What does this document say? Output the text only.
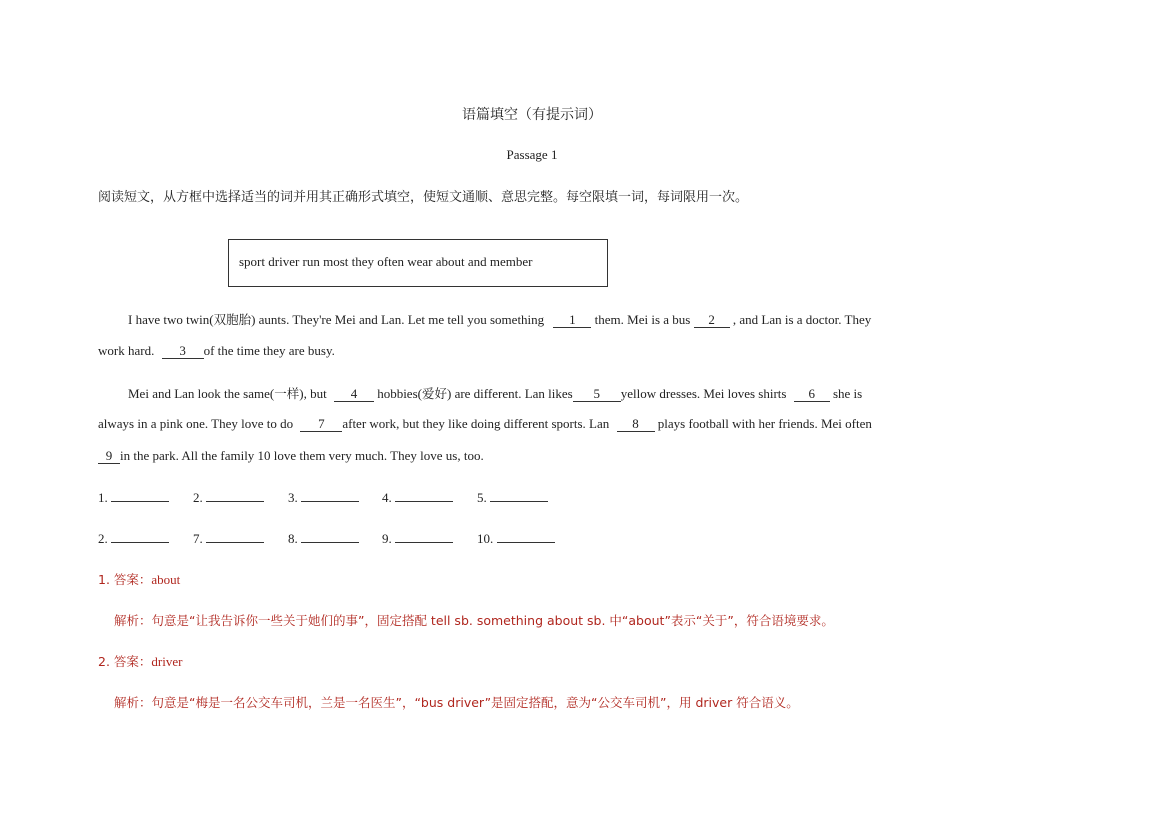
语篇填空（有提示词）
Passage 1
阅读短文，从方框中选择适当的词并用其正确形式填空，使短文通顺、意思完整。每空限填一词，每词限用一次。
sport driver run most they often wear about and member
I have two twin(双胞胎) aunts. They're Mei and Lan. Let me tell you something 1 them. Mei is a bus 2 , and Lan is a doctor. They
work hard. 3 of the time they are busy.
Mei and Lan look the same(一样), but 4 hobbies(爱好) are different. Lan likes 5 yellow dresses. Mei loves shirts 6 she is
always in a pink one. They love to do 7 after work, but they like doing different sports. Lan 8 plays football with her friends. Mei often
9 in the park. All the family 10 love them very much. They love us, too.
1.	2.	3.	4.	5.
2.	7.	8.	9.	10.
1. 答案：about
解析：句意是“让我告诉你一些关于她们的事”，固定搭配 tell sb. something about sb. 中“about”表示“关于”，符合语境要求。
2. 答案：driver
解析：句意是“梅是一名公交车司机，兰是一名医生”，“bus driver”是固定搭配，意为“公交车司机”，用 driver 符合语义。
